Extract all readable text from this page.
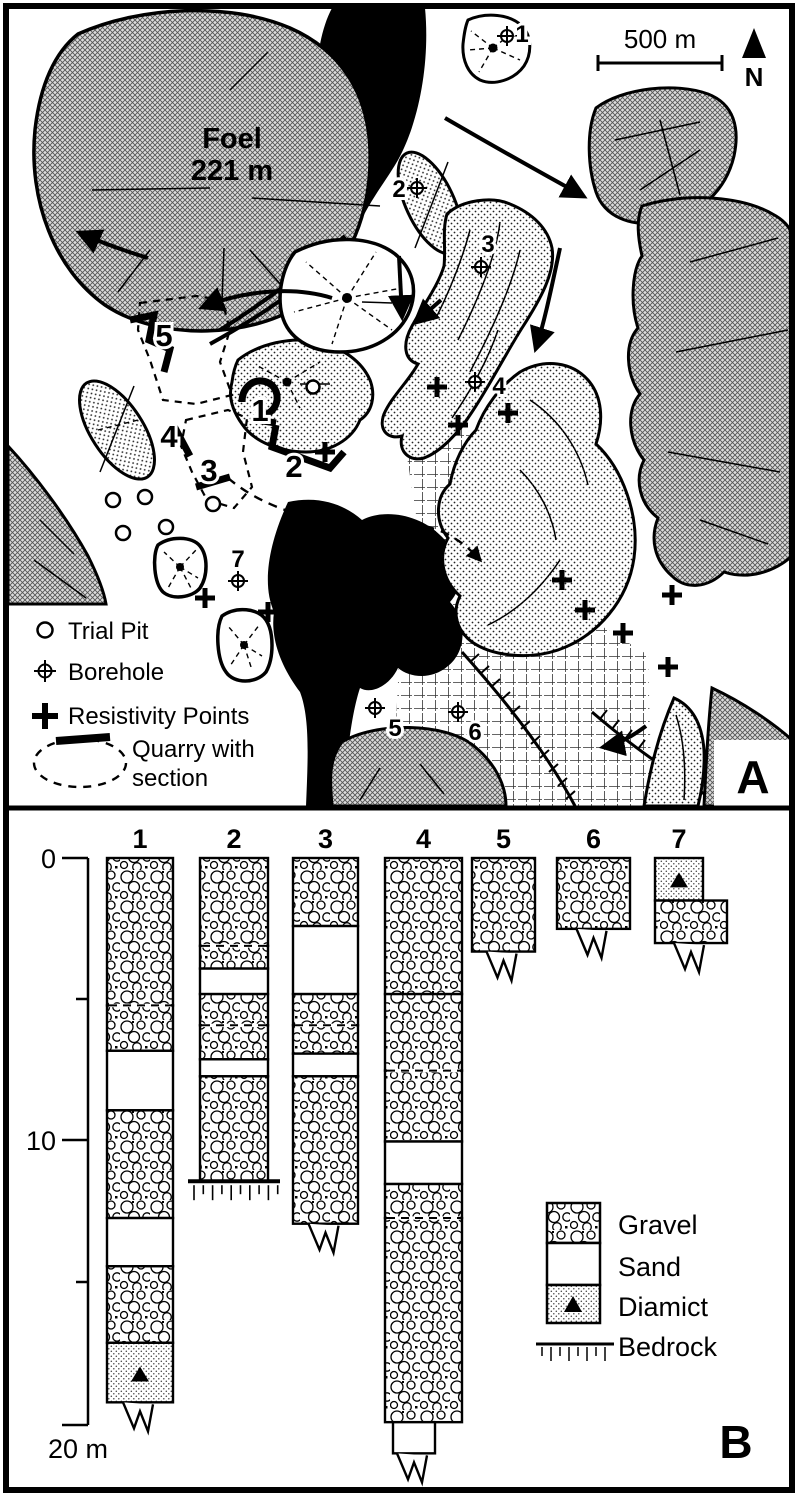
Foel
221 m
5
4
3
1
2
1
2
3
4
5	6
7
500 m
N
Trial Pit
Borehole
Resistivity Points
Quarry with
section	A
0
10
20 m
1	2	3	4 5	6	7
Gravel
Sand
Diamict
Bedrock
B
